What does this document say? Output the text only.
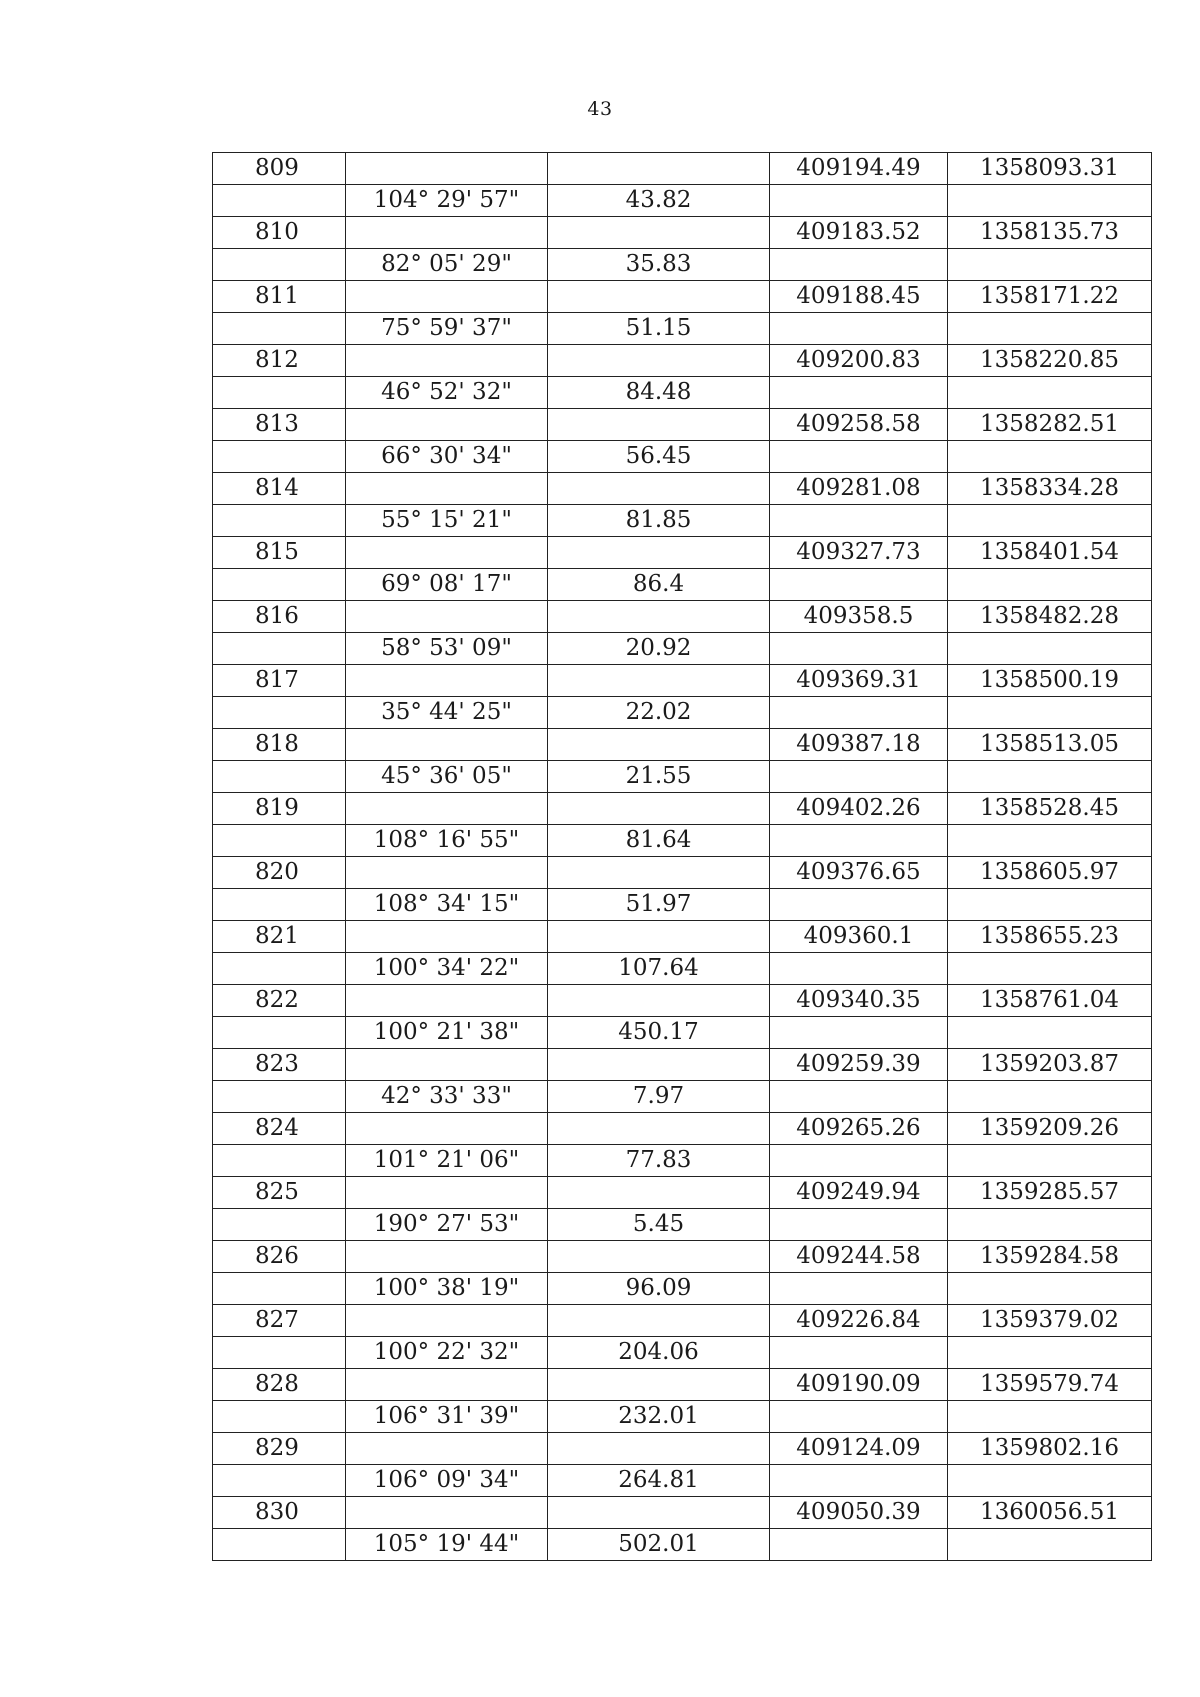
43
809			409194.49	1358093.31
	104° 29' 57"	43.82		
810			409183.52	1358135.73
	82° 05' 29"	35.83		
811			409188.45	1358171.22
	75° 59' 37"	51.15		
812			409200.83	1358220.85
	46° 52' 32"	84.48		
813			409258.58	1358282.51
	66° 30' 34"	56.45		
814			409281.08	1358334.28
	55° 15' 21"	81.85		
815			409327.73	1358401.54
	69° 08' 17"	86.4		
816			409358.5	1358482.28
	58° 53' 09"	20.92		
817			409369.31	1358500.19
	35° 44' 25"	22.02		
818			409387.18	1358513.05
	45° 36' 05"	21.55		
819			409402.26	1358528.45
	108° 16' 55"	81.64		
820			409376.65	1358605.97
	108° 34' 15"	51.97		
821			409360.1	1358655.23
	100° 34' 22"	107.64		
822			409340.35	1358761.04
	100° 21' 38"	450.17		
823			409259.39	1359203.87
	42° 33' 33"	7.97		
824			409265.26	1359209.26
	101° 21' 06"	77.83		
825			409249.94	1359285.57
	190° 27' 53"	5.45		
826			409244.58	1359284.58
	100° 38' 19"	96.09		
827			409226.84	1359379.02
	100° 22' 32"	204.06		
828			409190.09	1359579.74
	106° 31' 39"	232.01		
829			409124.09	1359802.16
	106° 09' 34"	264.81		
830			409050.39	1360056.51
	105° 19' 44"	502.01		
